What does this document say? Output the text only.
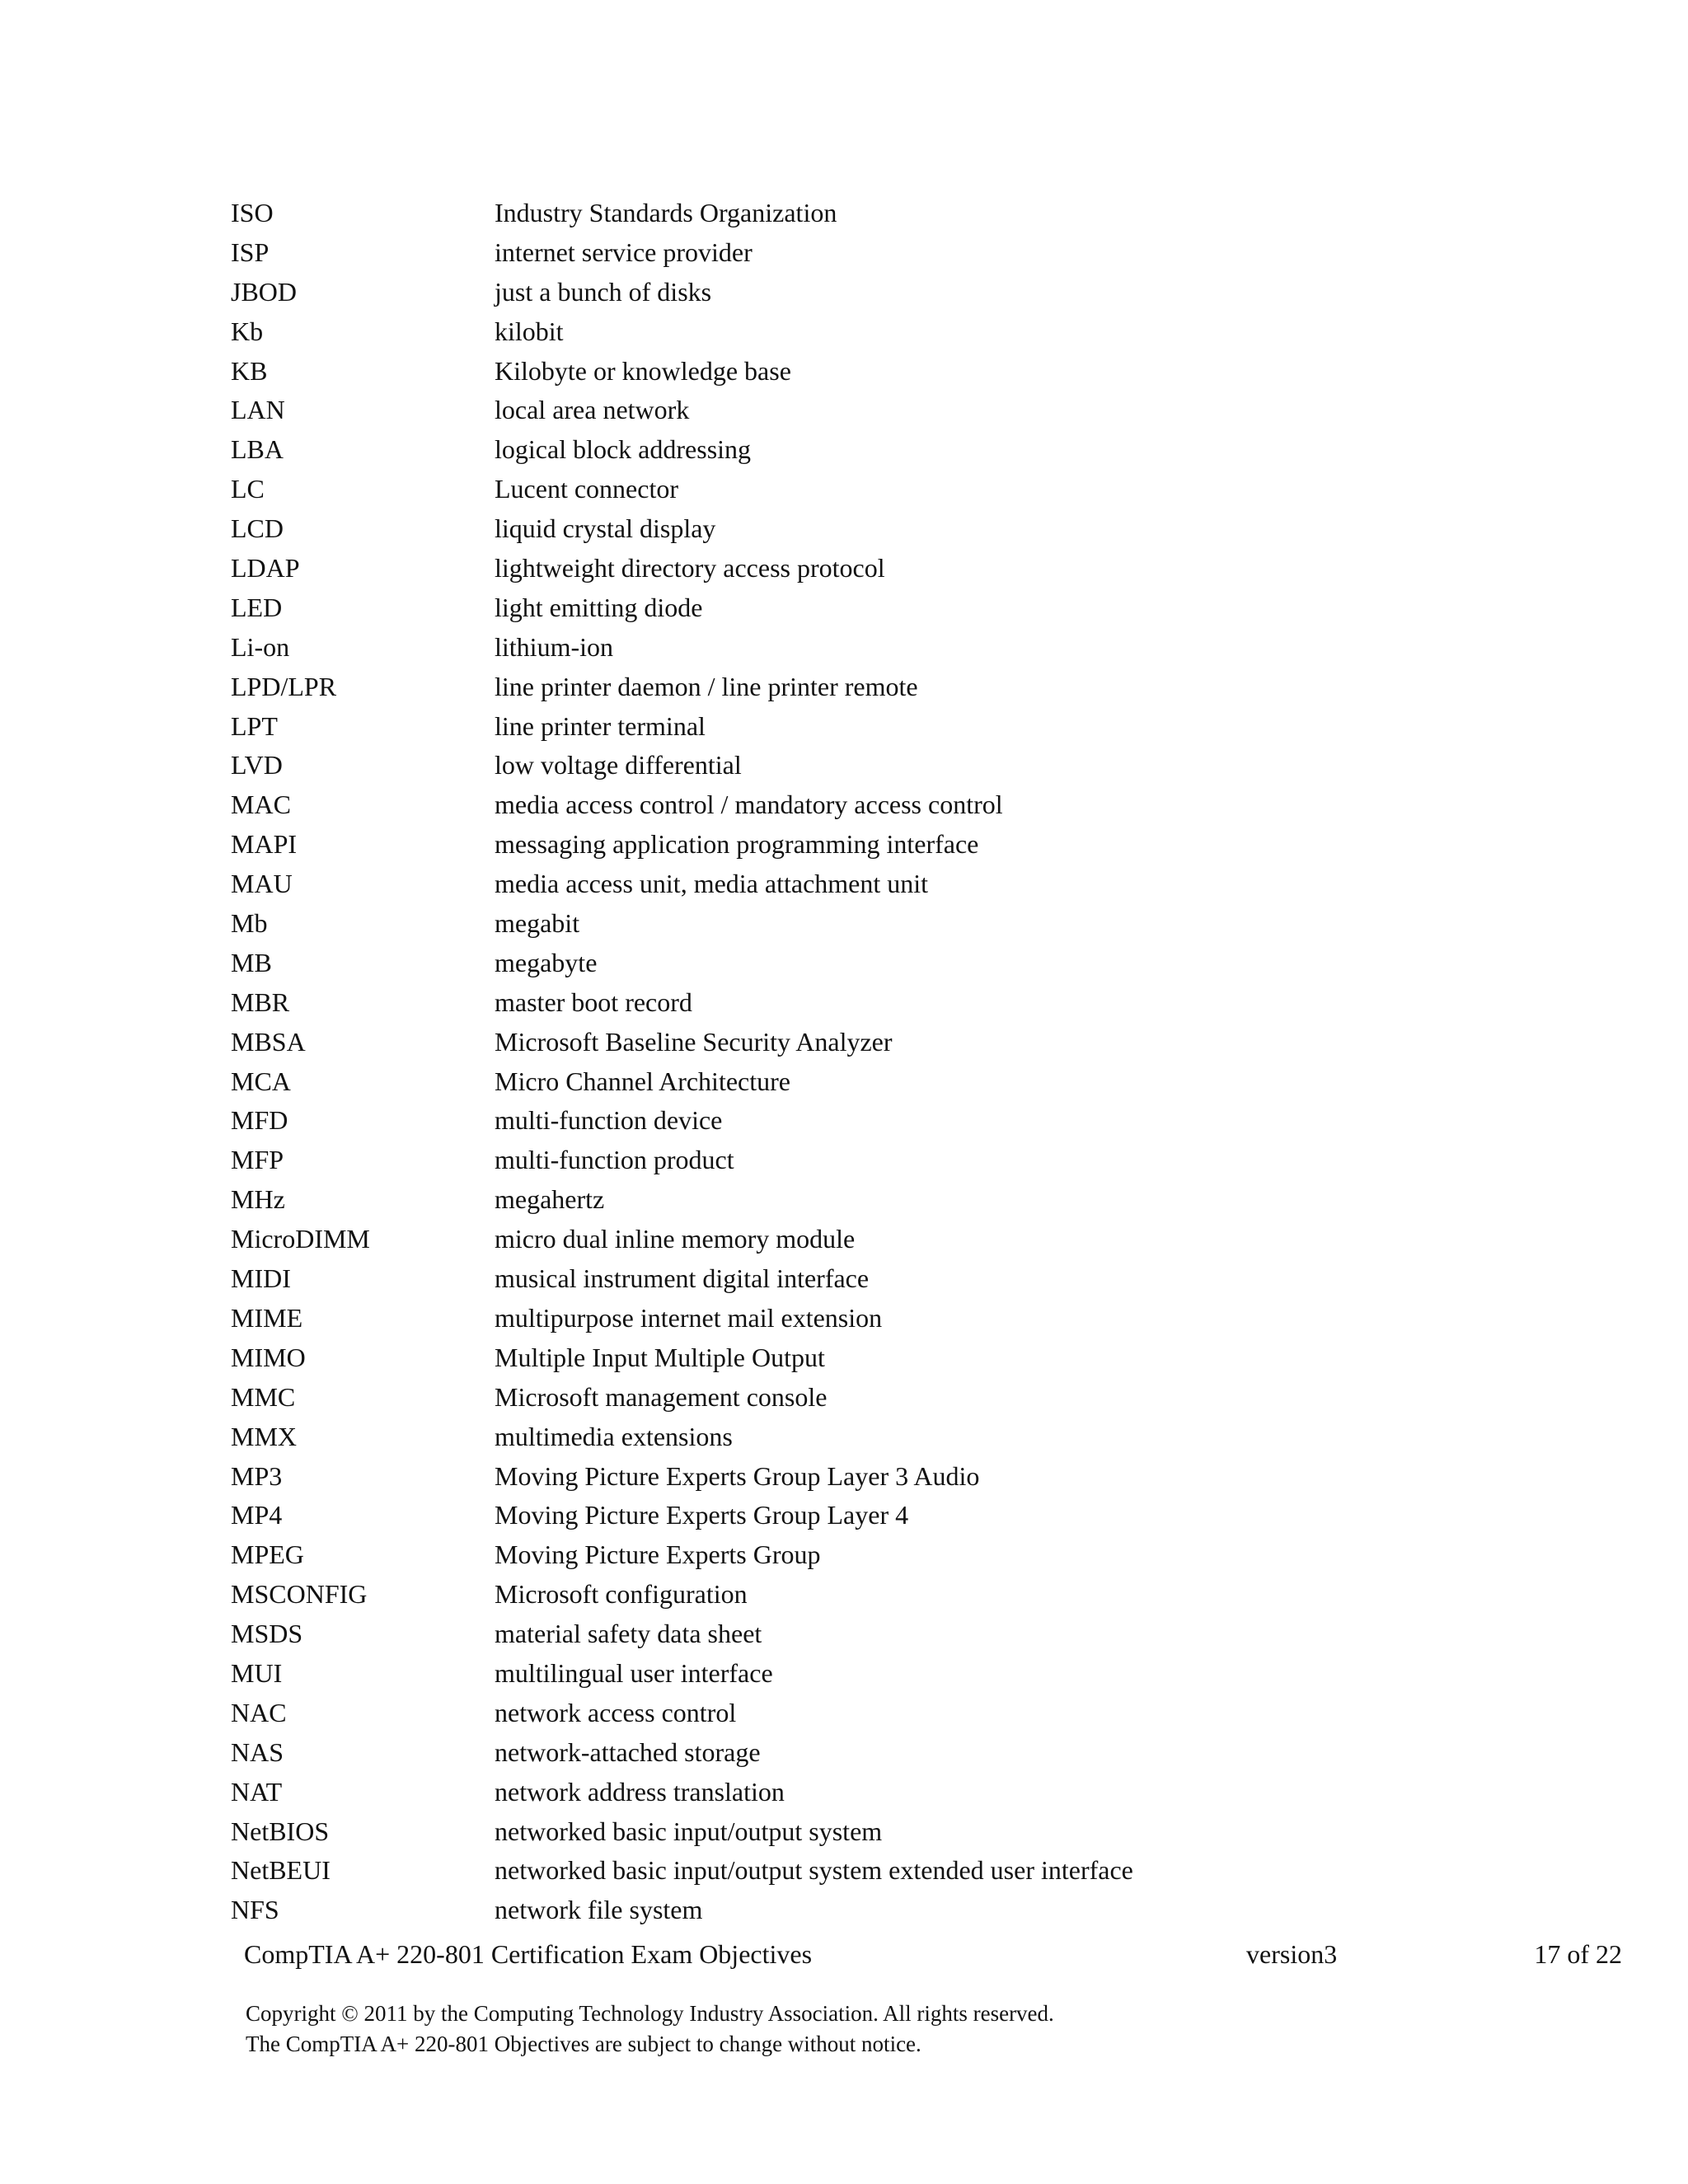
ISO	Industry Standards Organization
ISP	internet service provider
JBOD	just a bunch of disks
Kb	kilobit
KB	Kilobyte or knowledge base
LAN	local area network
LBA	logical block addressing
LC	Lucent connector
LCD	liquid crystal display
LDAP	lightweight directory access protocol
LED	light emitting diode
Li-on	lithium-ion
LPD/LPR	line printer daemon / line printer remote
LPT	line printer terminal
LVD	low voltage differential
MAC	media access control / mandatory access control
MAPI	messaging application programming interface
MAU	media access unit, media attachment unit
Mb	megabit
MB	megabyte
MBR	master boot record
MBSA	Microsoft Baseline Security Analyzer
MCA	Micro Channel Architecture
MFD	multi-function device
MFP	multi-function product
MHz	megahertz
MicroDIMM	micro dual inline memory module
MIDI	musical instrument digital interface
MIME	multipurpose internet mail extension
MIMO	Multiple Input Multiple Output
MMC	Microsoft management console
MMX	multimedia extensions
MP3	Moving Picture Experts Group Layer 3 Audio
MP4	Moving Picture Experts Group Layer 4
MPEG	Moving Picture Experts Group
MSCONFIG	Microsoft configuration
MSDS	material safety data sheet
MUI	multilingual user interface
NAC	network access control
NAS	network-attached storage
NAT	network address translation
NetBIOS	networked basic input/output system
NetBEUI	networked basic input/output system extended user interface
NFS	network file system
CompTIA A+ 220-801 Certification Exam Objectives	version3	17 of 22
Copyright © 2011 by the Computing Technology Industry Association. All rights reserved.
The CompTIA A+ 220-801 Objectives are subject to change without notice.
